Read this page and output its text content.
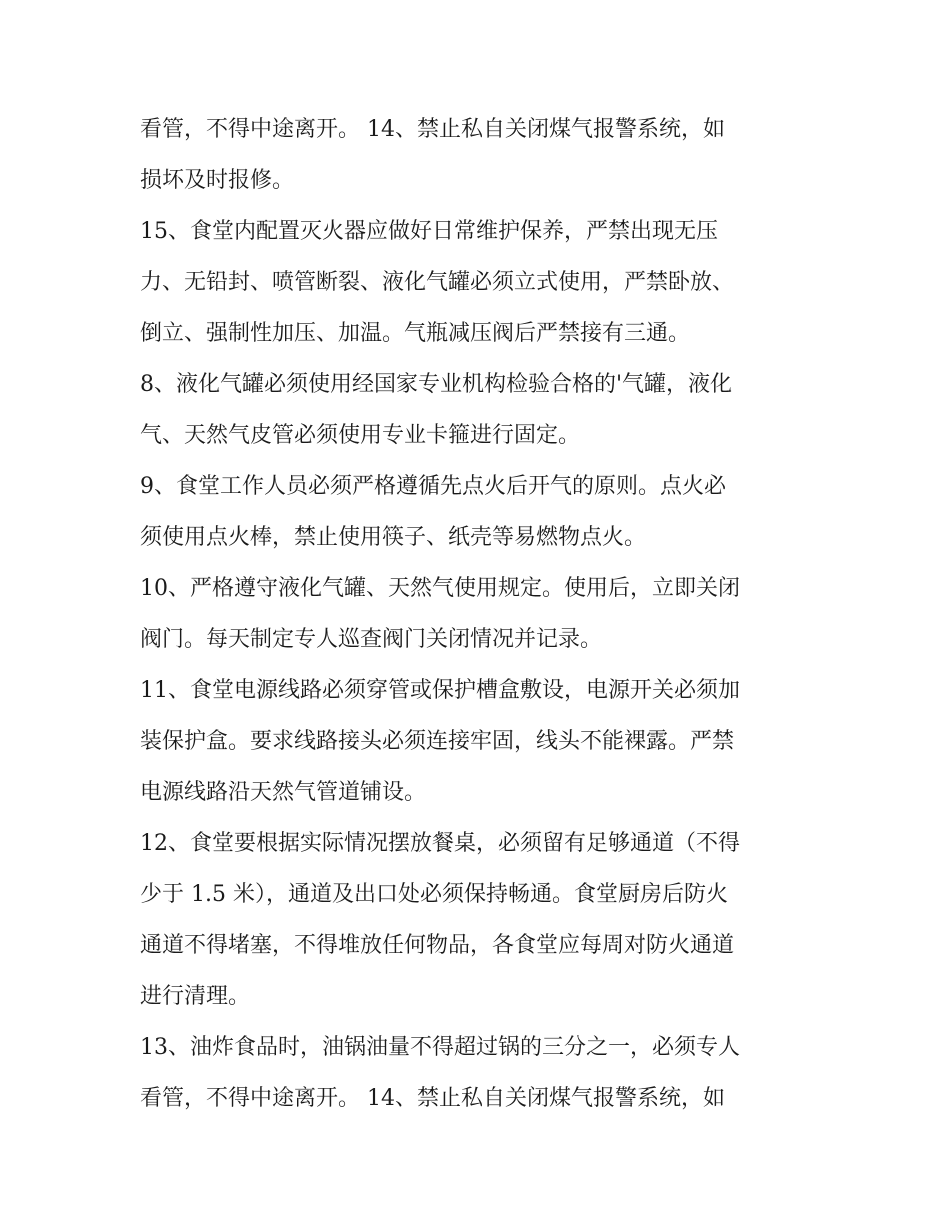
看管，不得中途离开。 14、禁止私自关闭煤气报警系统，如
损坏及时报修。
15、食堂内配置灭火器应做好日常维护保养，严禁出现无压
力、无铅封、喷管断裂、液化气罐必须立式使用，严禁卧放、
倒立、强制性加压、加温。气瓶减压阀后严禁接有三通。
8、液化气罐必须使用经国家专业机构检验合格的'气罐，液化
气、天然气皮管必须使用专业卡箍进行固定。
9、食堂工作人员必须严格遵循先点火后开气的原则。点火必
须使用点火棒，禁止使用筷子、纸壳等易燃物点火。
10、严格遵守液化气罐、天然气使用规定。使用后，立即关闭
阀门。每天制定专人巡查阀门关闭情况并记录。
11、食堂电源线路必须穿管或保护槽盒敷设，电源开关必须加
装保护盒。要求线路接头必须连接牢固，线头不能裸露。严禁
电源线路沿天然气管道铺设。
12、食堂要根据实际情况摆放餐桌，必须留有足够通道（不得
少于 1.5 米），通道及出口处必须保持畅通。食堂厨房后防火
通道不得堵塞，不得堆放任何物品，各食堂应每周对防火通道
进行清理。
13、油炸食品时，油锅油量不得超过锅的三分之一，必须专人
看管，不得中途离开。 14、禁止私自关闭煤气报警系统，如
